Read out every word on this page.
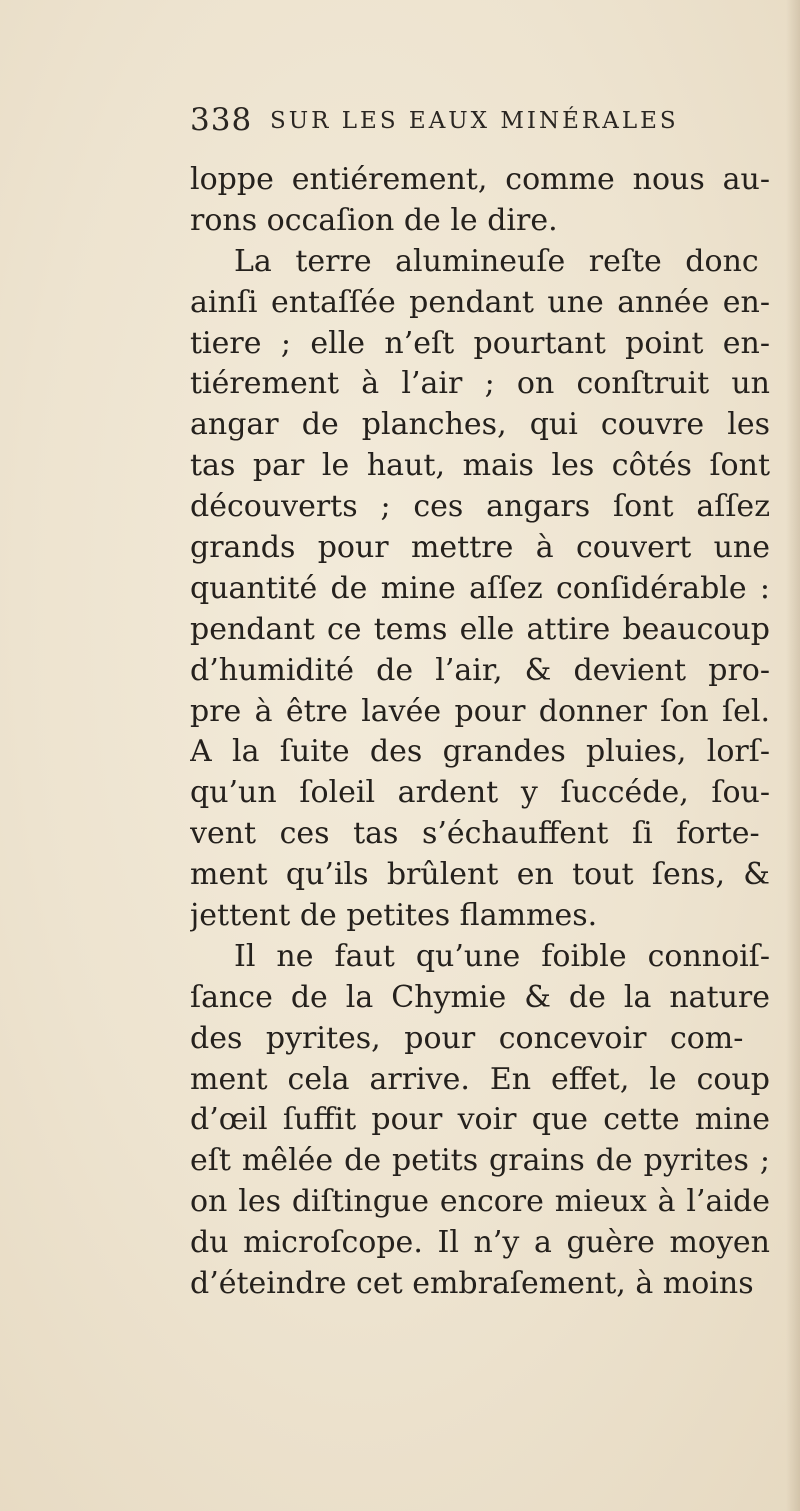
338 SUR LES EAUX MINÉRALES
loppe entiérement, comme nous au-
rons occaſion de le dire.
La terre alumineuſe reſte donc
ainſi entaſſée pendant une année en-
tiere ; elle n’eſt pourtant point en-
tiérement à l’air ; on conſtruit un
angar de planches, qui couvre les
tas par le haut, mais les côtés ſont
découverts ; ces angars ſont aſſez
grands pour mettre à couvert une
quantité de mine aſſez conſidérable :
pendant ce tems elle attire beaucoup
d’humidité de l’air, & devient pro-
pre à être lavée pour donner ſon ſel.
A la ſuite des grandes pluies, lorſ-
qu’un ſoleil ardent y ſuccéde, ſou-
vent ces tas s’échauffent ſi forte-
ment qu’ils brûlent en tout ſens, &
jettent de petites flammes.
Il ne faut qu’une foible connoiſ-
ſance de la Chymie & de la nature
des pyrites, pour concevoir com-
ment cela arrive. En effet, le coup
d’œil ſuffit pour voir que cette mine
eſt mêlée de petits grains de pyrites ;
on les diſtingue encore mieux à l’aide
du microſcope. Il n’y a guère moyen
d’éteindre cet embraſement, à moins
